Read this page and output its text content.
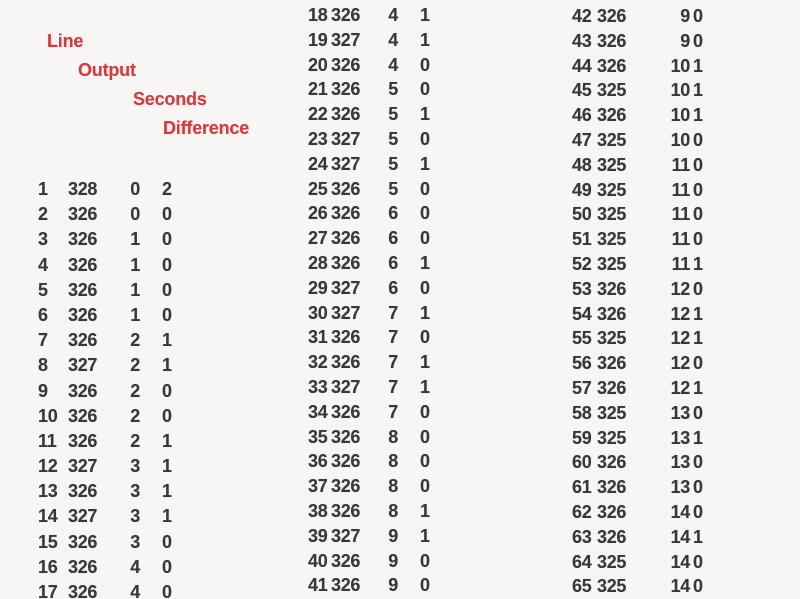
Line
Output
Seconds
Difference
1 328	0 2
2 326	0 0
3 326	1 0
4 326	1 0
5 326	1 0
6 326	1 0
7 326	2 1
8 327	2 1
9 326	2 0
10 326	2 0
11 326	2 1
12 327	3 1
13 326	3 1
14 327	3 1
15 326	3 0
16 326	4 0
17 326	4 0
18 326	4 1
19 327	4 1
20 326	4 0
21 326	5 0
22 326	5 1
23 327	5 0
24 327	5 1
25 326	5 0
26 326	6 0
27 326	6 0
28 326	6 1
29 327	6 0
30 327	7 1
31 326	7 0
32 326	7 1
33 327	7 1
34 326	7 0
35 326	8 0
36 326	8 0
37 326	8 0
38 326	8 1
39 327	9 1
40 326	9 0
41 326	9 0
42 326	9 0
43 326	9 0
44 326 10 1
45 325 10 1
46 326 10 1
47 325 10 0
48 325	11 0
49 325	11 0
50 325	11 0
51 325	11 0
52 325	11 1
53 326 12 0
54 326 12 1
55 325 12 1
56 326 12 0
57 326 12 1
58 325 13 0
59 325 13 1
60 326 13 0
61 326 13 0
62 326 14 0
63 326 14 1
64 325 14 0
65 325 14 0
